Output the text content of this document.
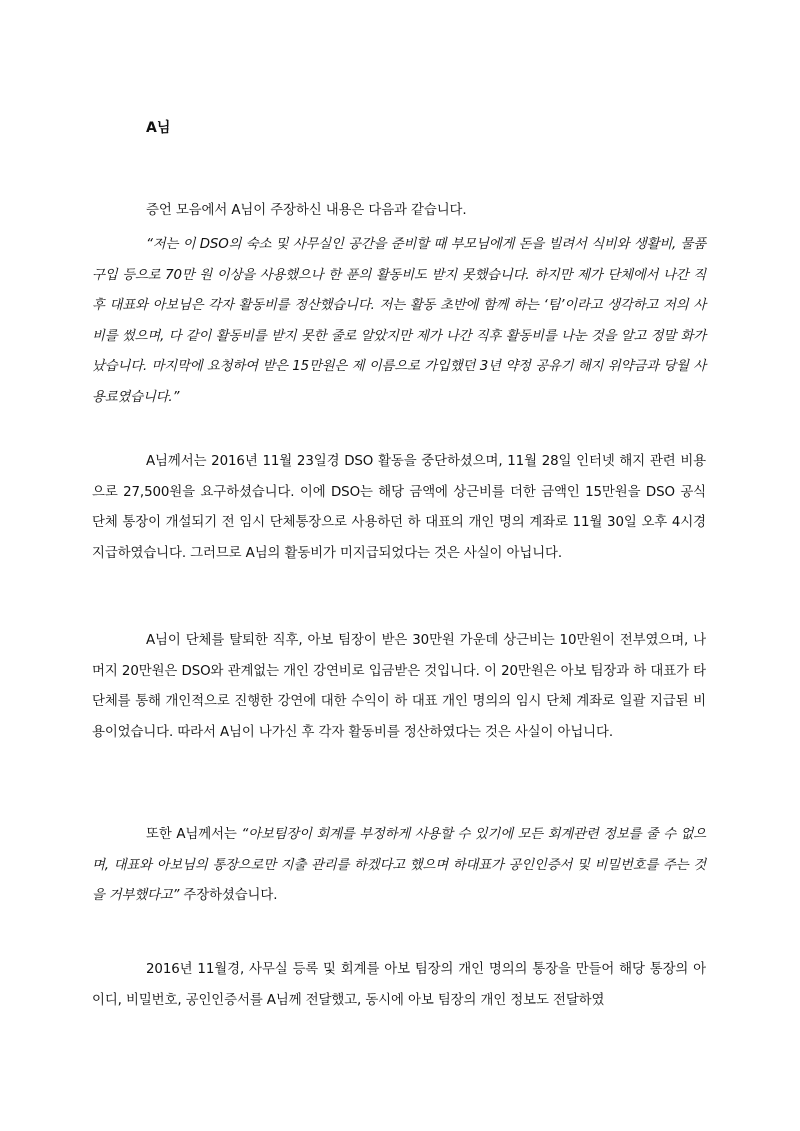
A님

증언 모음에서 A님이 주장하신 내용은 다음과 같습니다.

“저는 이 DSO의 숙소 및 사무실인 공간을 준비할 때 부모님에게 돈을 빌려서 식비와 생활비, 물품구입 등으로 70만 원 이상을 사용했으나 한 푼의 활동비도 받지 못했습니다. 하지만 제가 단체에서 나간 직후 대표와 아보님은 각자 활동비를 정산했습니다. 저는 활동 초반에 함께 하는 ‘팀’이라고 생각하고 저의 사비를 썼으며, 다 같이 활동비를 받지 못한 줄로 알았지만 제가 나간 직후 활동비를 나눈 것을 알고 정말 화가 났습니다. 마지막에 요청하여 받은 15만원은 제 이름으로 가입했던 3년 약정 공유기 해지 위약금과 당월 사용료였습니다.”

A님께서는 2016년 11월 23일경 DSO 활동을 중단하셨으며, 11월 28일 인터넷 해지 관련 비용으로 27,500원을 요구하셨습니다. 이에 DSO는 해당 금액에 상근비를 더한 금액인 15만원을 DSO 공식 단체 통장이 개설되기 전 임시 단체통장으로 사용하던 하 대표의 개인 명의 계좌로 11월 30일 오후 4시경 지급하였습니다. 그러므로 A님의 활동비가 미지급되었다는 것은 사실이 아닙니다.

A님이 단체를 탈퇴한 직후, 아보 팀장이 받은 30만원 가운데 상근비는 10만원이 전부였으며, 나머지 20만원은 DSO와 관계없는 개인 강연비로 입금받은 것입니다. 이 20만원은 아보 팀장과 하 대표가 타 단체를 통해 개인적으로 진행한 강연에 대한 수익이 하 대표 개인 명의의 임시 단체 계좌로 일괄 지급된 비용이었습니다. 따라서 A님이 나가신 후 각자 활동비를 정산하였다는 것은 사실이 아닙니다.

또한 A님께서는 “아보팀장이 회계를 부정하게 사용할 수 있기에 모든 회계관련 정보를 줄 수 없으며, 대표와 아보님의 통장으로만 지출 관리를 하겠다고 했으며 하대표가 공인인증서 및 비밀번호를 주는 것을 거부했다고” 주장하셨습니다.

2016년 11월경, 사무실 등록 및 회계를 아보 팀장의 개인 명의의 통장을 만들어 해당 통장의 아이디, 비밀번호, 공인인증서를 A님께 전달했고, 동시에 아보 팀장의 개인 정보도 전달하였
